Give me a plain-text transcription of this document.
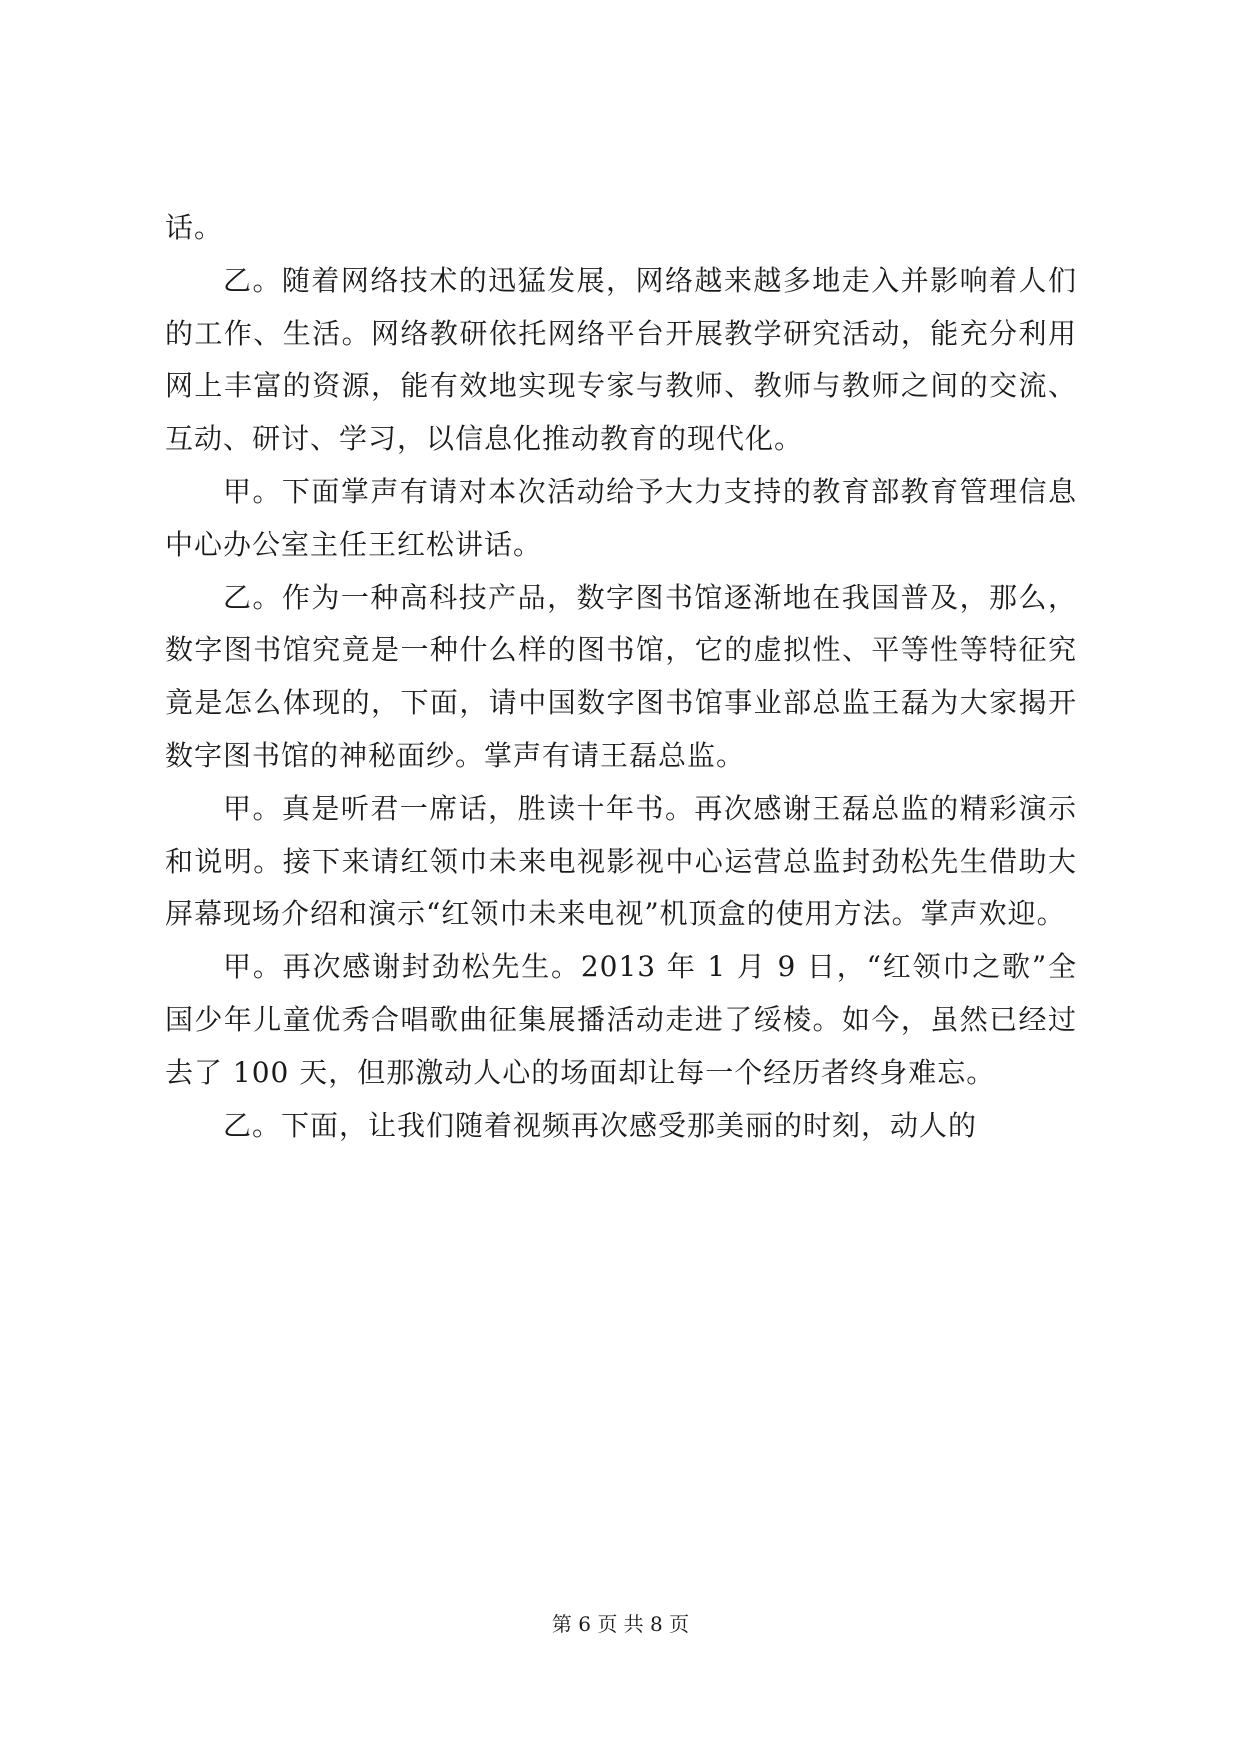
话。

乙。随着网络技术的迅猛发展，网络越来越多地走入并影响着人们的工作、生活。网络教研依托网络平台开展教学研究活动，能充分利用网上丰富的资源，能有效地实现专家与教师、教师与教师之间的交流、互动、研讨、学习，以信息化推动教育的现代化。

甲。下面掌声有请对本次活动给予大力支持的教育部教育管理信息中心办公室主任王红松讲话。

乙。作为一种高科技产品，数字图书馆逐渐地在我国普及，那么，数字图书馆究竟是一种什么样的图书馆，它的虚拟性、平等性等特征究竟是怎么体现的，下面，请中国数字图书馆事业部总监王磊为大家揭开数字图书馆的神秘面纱。掌声有请王磊总监。

甲。真是听君一席话，胜读十年书。再次感谢王磊总监的精彩演示和说明。接下来请红领巾未来电视影视中心运营总监封劲松先生借助大屏幕现场介绍和演示“红领巾未来电视”机顶盒的使用方法。掌声欢迎。

甲。再次感谢封劲松先生。2013 年 1 月 9 日，“红领巾之歌”全国少年儿童优秀合唱歌曲征集展播活动走进了绥棱。如今，虽然已经过去了 100 天，但那激动人心的场面却让每一个经历者终身难忘。

乙。下面，让我们随着视频再次感受那美丽的时刻，动人的

第 6 页 共 8 页
